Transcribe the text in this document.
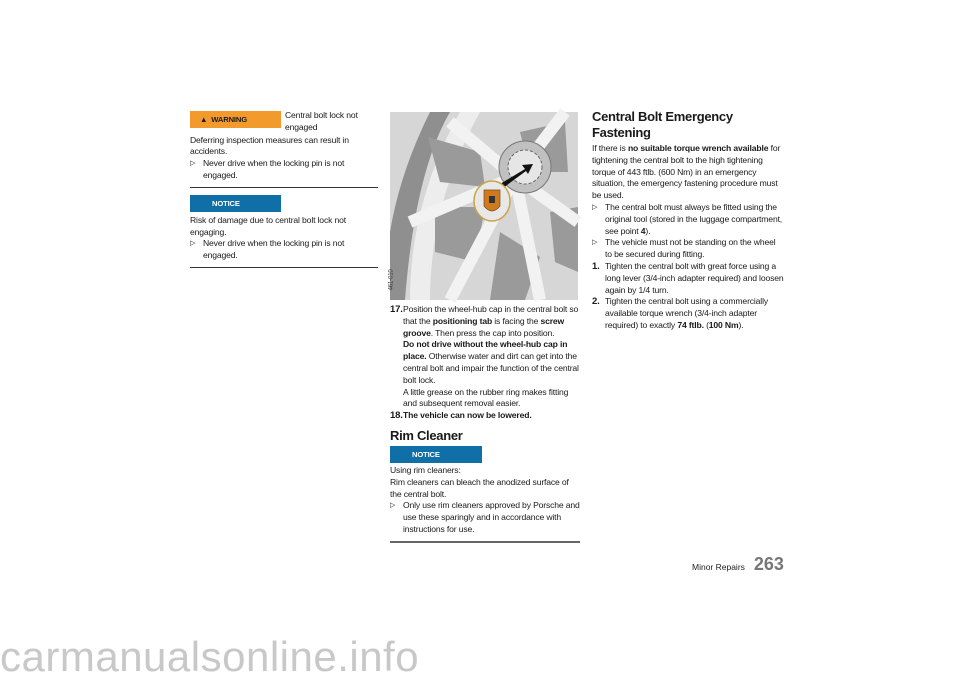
▲ WARNING	Central bolt lock not engaged

Deferring inspection measures can result in accidents.

▷ Never drive when the locking pin is not engaged.
NOTICE

Risk of damage due to central bolt lock not engaging.

▷ Never drive when the locking pin is not engaged.
461-010
17. Position the wheel-hub cap in the central bolt so that the positioning tab is facing the screw groove. Then press the cap into position.

Do not drive without the wheel-hub cap in place. Otherwise water and dirt can get into the central bolt and impair the function of the central bolt lock.

A little grease on the rubber ring makes fitting and subsequent removal easier.

18. The vehicle can now be lowered.
Rim Cleaner
NOTICE

Using rim cleaners:

Rim cleaners can bleach the anodized surface of the central bolt.

▷ Only use rim cleaners approved by Porsche and use these sparingly and in accordance with instructions for use.
Central Bolt Emergency Fastening

If there is no suitable torque wrench available for tightening the central bolt to the high tightening torque of 443 ftlb. (600 Nm) in an emergency situation, the emergency fastening procedure must be used.

▷ The central bolt must always be fitted using the original tool (stored in the luggage compartment, see point 4).
▷ The vehicle must not be standing on the wheel to be secured during fitting.
1. Tighten the central bolt with great force using a long lever (3/4-inch adapter required) and loosen again by 1/4 turn.
2. Tighten the central bolt using a commercially available torque wrench (3/4-inch adapter required) to exactly 74 ftlb. (100 Nm).
Minor Repairs 263
carmanualsonline.info
